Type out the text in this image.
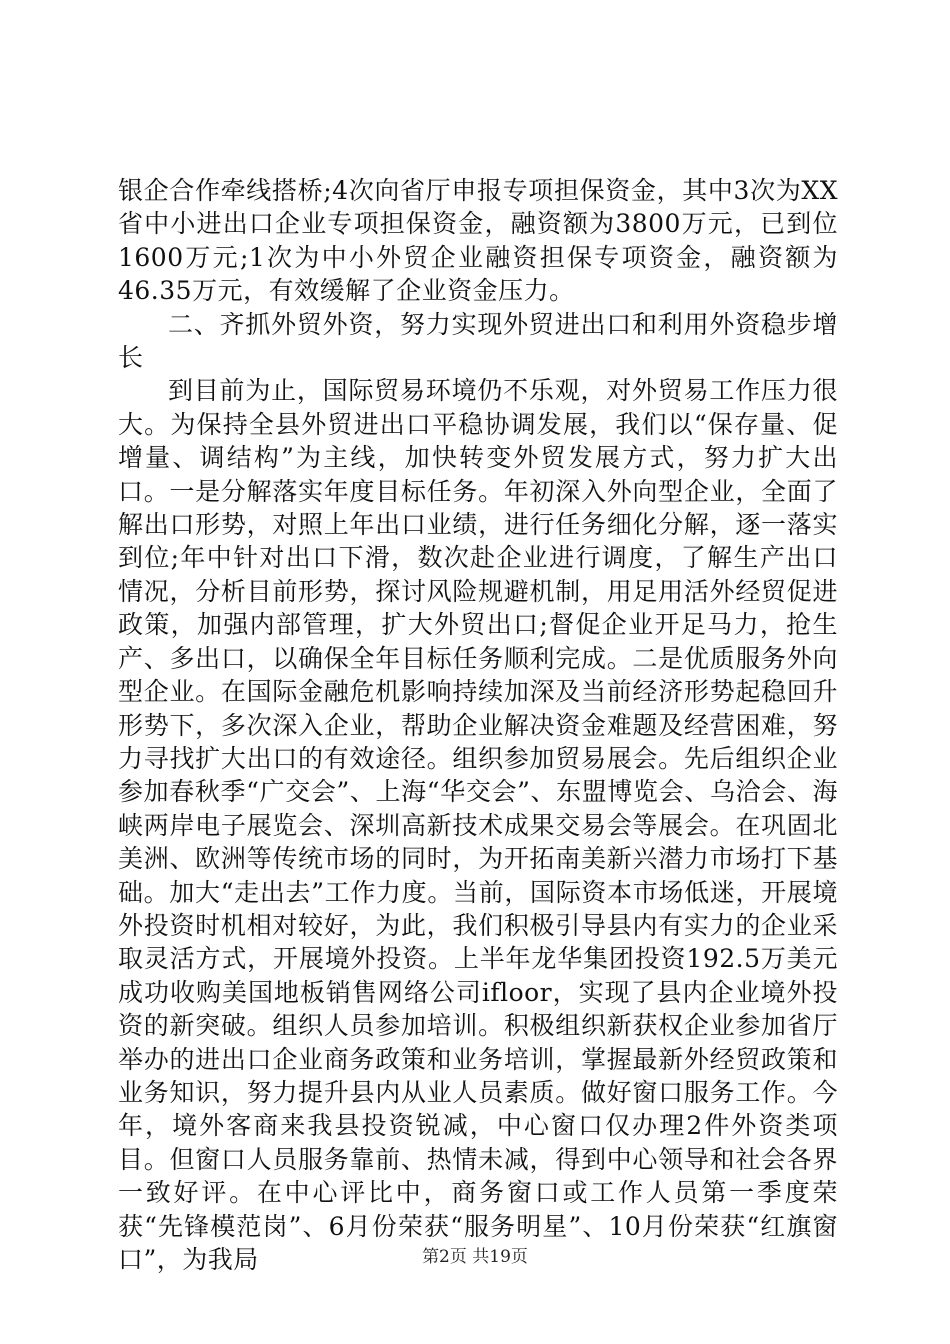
银企合作牵线搭桥;4次向省厅申报专项担保资金，其中3次为XX省中小进出口企业专项担保资金，融资额为3800万元，已到位1600万元;1次为中小外贸企业融资担保专项资金，融资额为46.35万元，有效缓解了企业资金压力。

二、齐抓外贸外资，努力实现外贸进出口和利用外资稳步增长

到目前为止，国际贸易环境仍不乐观，对外贸易工作压力很大。为保持全县外贸进出口平稳协调发展，我们以“保存量、促增量、调结构”为主线，加快转变外贸发展方式，努力扩大出口。一是分解落实年度目标任务。年初深入外向型企业，全面了解出口形势，对照上年出口业绩，进行任务细化分解，逐一落实到位;年中针对出口下滑，数次赴企业进行调度，了解生产出口情况，分析目前形势，探讨风险规避机制，用足用活外经贸促进政策，加强内部管理，扩大外贸出口;督促企业开足马力，抢生产、多出口，以确保全年目标任务顺利完成。二是优质服务外向型企业。在国际金融危机影响持续加深及当前经济形势起稳回升形势下，多次深入企业，帮助企业解决资金难题及经营困难，努力寻找扩大出口的有效途径。组织参加贸易展会。先后组织企业参加春秋季“广交会”、上海“华交会”、东盟博览会、乌洽会、海峡两岸电子展览会、深圳高新技术成果交易会等展会。在巩固北美洲、欧洲等传统市场的同时，为开拓南美新兴潜力市场打下基础。加大“走出去”工作力度。当前，国际资本市场低迷，开展境外投资时机相对较好，为此，我们积极引导县内有实力的企业采取灵活方式，开展境外投资。上半年龙华集团投资192.5万美元成功收购美国地板销售网络公司ifloor，实现了县内企业境外投资的新突破。组织人员参加培训。积极组织新获权企业参加省厅举办的进出口企业商务政策和业务培训，掌握最新外经贸政策和业务知识，努力提升县内从业人员素质。做好窗口服务工作。今年，境外客商来我县投资锐减，中心窗口仅办理2件外资类项目。但窗口人员服务靠前、热情未减，得到中心领导和社会各界一致好评。在中心评比中，商务窗口或工作人员第一季度荣获“先锋模范岗”、6月份荣获“服务明星”、10月份荣获“红旗窗口”，为我局	第2页 共19页
